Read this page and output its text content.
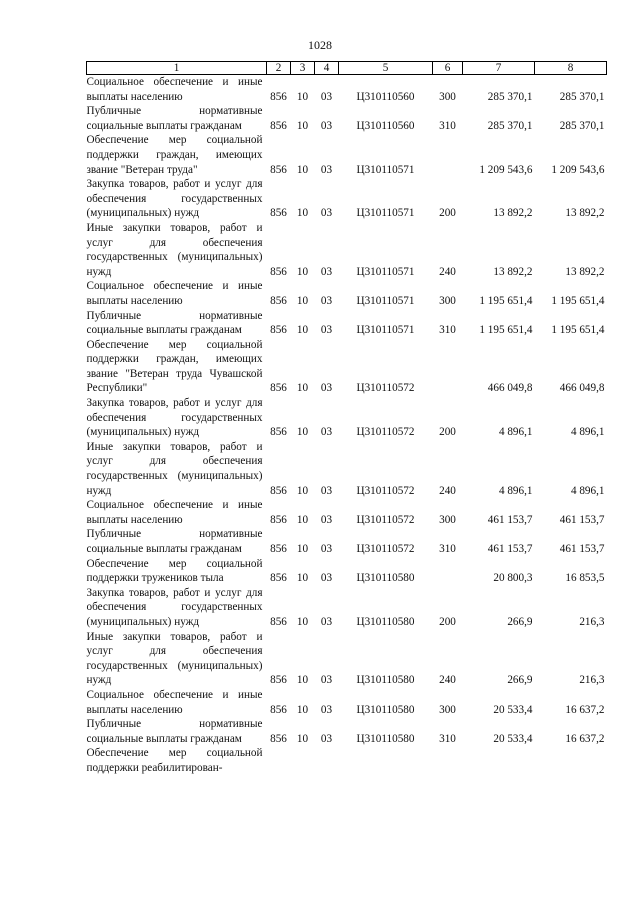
1028
1	2	3	4	5	6	7	8
Социальное обеспечение и иные выплаты населению	856	10	03	Ц310110560	300	285 370,1	285 370,1
Публичные нормативные социальные выплаты гражданам	856	10	03	Ц310110560	310	285 370,1	285 370,1
Обеспечение мер социальной поддержки граждан, имеющих звание "Ветеран труда"	856	10	03	Ц310110571		1 209 543,6	1 209 543,6
Закупка товаров, работ и услуг для обеспечения государственных (муниципальных) нужд	856	10	03	Ц310110571	200	13 892,2	13 892,2
Иные закупки товаров, работ и услуг для обеспечения государственных (муниципальных) нужд	856	10	03	Ц310110571	240	13 892,2	13 892,2
Социальное обеспечение и иные выплаты населению	856	10	03	Ц310110571	300	1 195 651,4	1 195 651,4
Публичные нормативные социальные выплаты гражданам	856	10	03	Ц310110571	310	1 195 651,4	1 195 651,4
Обеспечение мер социальной поддержки граждан, имеющих звание "Ветеран труда Чувашской Республики"	856	10	03	Ц310110572		466 049,8	466 049,8
Закупка товаров, работ и услуг для обеспечения государственных (муниципальных) нужд	856	10	03	Ц310110572	200	4 896,1	4 896,1
Иные закупки товаров, работ и услуг для обеспечения государственных (муниципальных) нужд	856	10	03	Ц310110572	240	4 896,1	4 896,1
Социальное обеспечение и иные выплаты населению	856	10	03	Ц310110572	300	461 153,7	461 153,7
Публичные нормативные социальные выплаты гражданам	856	10	03	Ц310110572	310	461 153,7	461 153,7
Обеспечение мер социальной поддержки тружеников тыла	856	10	03	Ц310110580		20 800,3	16 853,5
Закупка товаров, работ и услуг для обеспечения государственных (муниципальных) нужд	856	10	03	Ц310110580	200	266,9	216,3
Иные закупки товаров, работ и услуг для обеспечения государственных (муниципальных) нужд	856	10	03	Ц310110580	240	266,9	216,3
Социальное обеспечение и иные выплаты населению	856	10	03	Ц310110580	300	20 533,4	16 637,2
Публичные нормативные социальные выплаты гражданам	856	10	03	Ц310110580	310	20 533,4	16 637,2
Обеспечение мер социальной поддержки реабилитирован-							
